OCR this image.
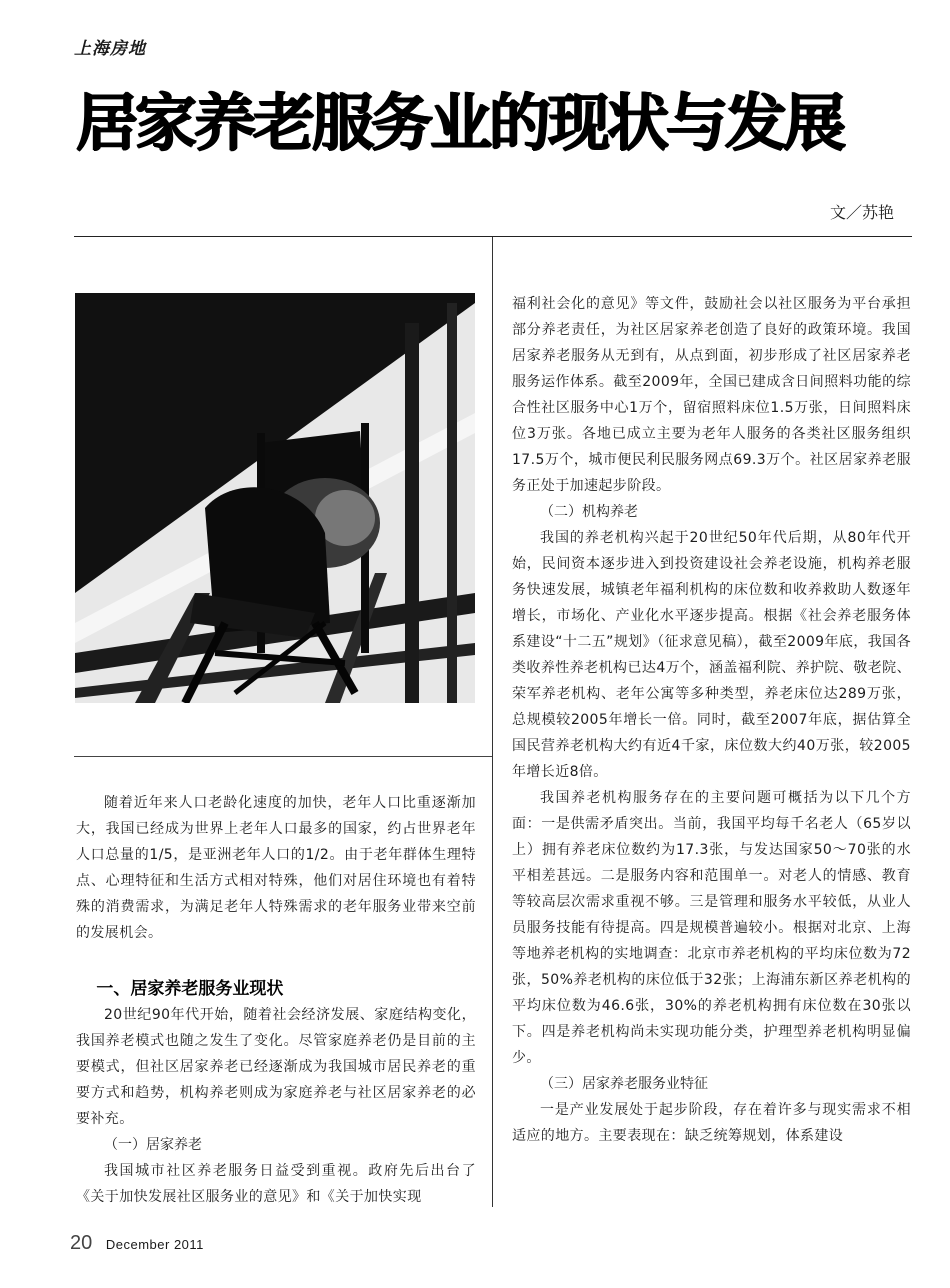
上海房地
居家养老服务业的现状与发展
文／苏艳

随着近年来人口老龄化速度的加快，老年人口比重逐渐加大，我国已经成为世界上老年人口最多的国家，约占世界老年人口总量的1/5，是亚洲老年人口的1/2。由于老年群体生理特点、心理特征和生活方式相对特殊，他们对居住环境也有着特殊的消费需求，为满足老年人特殊需求的老年服务业带来空前的发展机会。

一、居家养老服务业现状

20世纪90年代开始，随着社会经济发展、家庭结构变化，我国养老模式也随之发生了变化。尽管家庭养老仍是目前的主要模式，但社区居家养老已经逐渐成为我国城市居民养老的重要方式和趋势，机构养老则成为家庭养老与社区居家养老的必要补充。

（一）居家养老

我国城市社区养老服务日益受到重视。政府先后出台了《关于加快发展社区服务业的意见》和《关于加快实现

福利社会化的意见》等文件，鼓励社会以社区服务为平台承担部分养老责任，为社区居家养老创造了良好的政策环境。我国居家养老服务从无到有，从点到面，初步形成了社区居家养老服务运作体系。截至2009年，全国已建成含日间照料功能的综合性社区服务中心1万个，留宿照料床位1.5万张，日间照料床位3万张。各地已成立主要为老年人服务的各类社区服务组织17.5万个，城市便民利民服务网点69.3万个。社区居家养老服务正处于加速起步阶段。

（二）机构养老

我国的养老机构兴起于20世纪50年代后期，从80年代开始，民间资本逐步进入到投资建设社会养老设施，机构养老服务快速发展，城镇老年福利机构的床位数和收养救助人数逐年增长，市场化、产业化水平逐步提高。根据《社会养老服务体系建设“十二五”规划》（征求意见稿），截至2009年底，我国各类收养性养老机构已达4万个，涵盖福利院、养护院、敬老院、荣军养老机构、老年公寓等多种类型，养老床位达289万张，总规模较2005年增长一倍。同时，截至2007年底，据估算全国民营养老机构大约有近4千家，床位数大约40万张，较2005年增长近8倍。

我国养老机构服务存在的主要问题可概括为以下几个方面：一是供需矛盾突出。当前，我国平均每千名老人（65岁以上）拥有养老床位数约为17.3张，与发达国家50～70张的水平相差甚远。二是服务内容和范围单一。对老人的情感、教育等较高层次需求重视不够。三是管理和服务水平较低，从业人员服务技能有待提高。四是规模普遍较小。根据对北京、上海等地养老机构的实地调查：北京市养老机构的平均床位数为72张，50%养老机构的床位低于32张；上海浦东新区养老机构的平均床位数为46.6张，30%的养老机构拥有床位数在30张以下。四是养老机构尚未实现功能分类，护理型养老机构明显偏少。

（三）居家养老服务业特征

一是产业发展处于起步阶段，存在着许多与现实需求不相适应的地方。主要表现在：缺乏统筹规划，体系建设

20 December 2011
